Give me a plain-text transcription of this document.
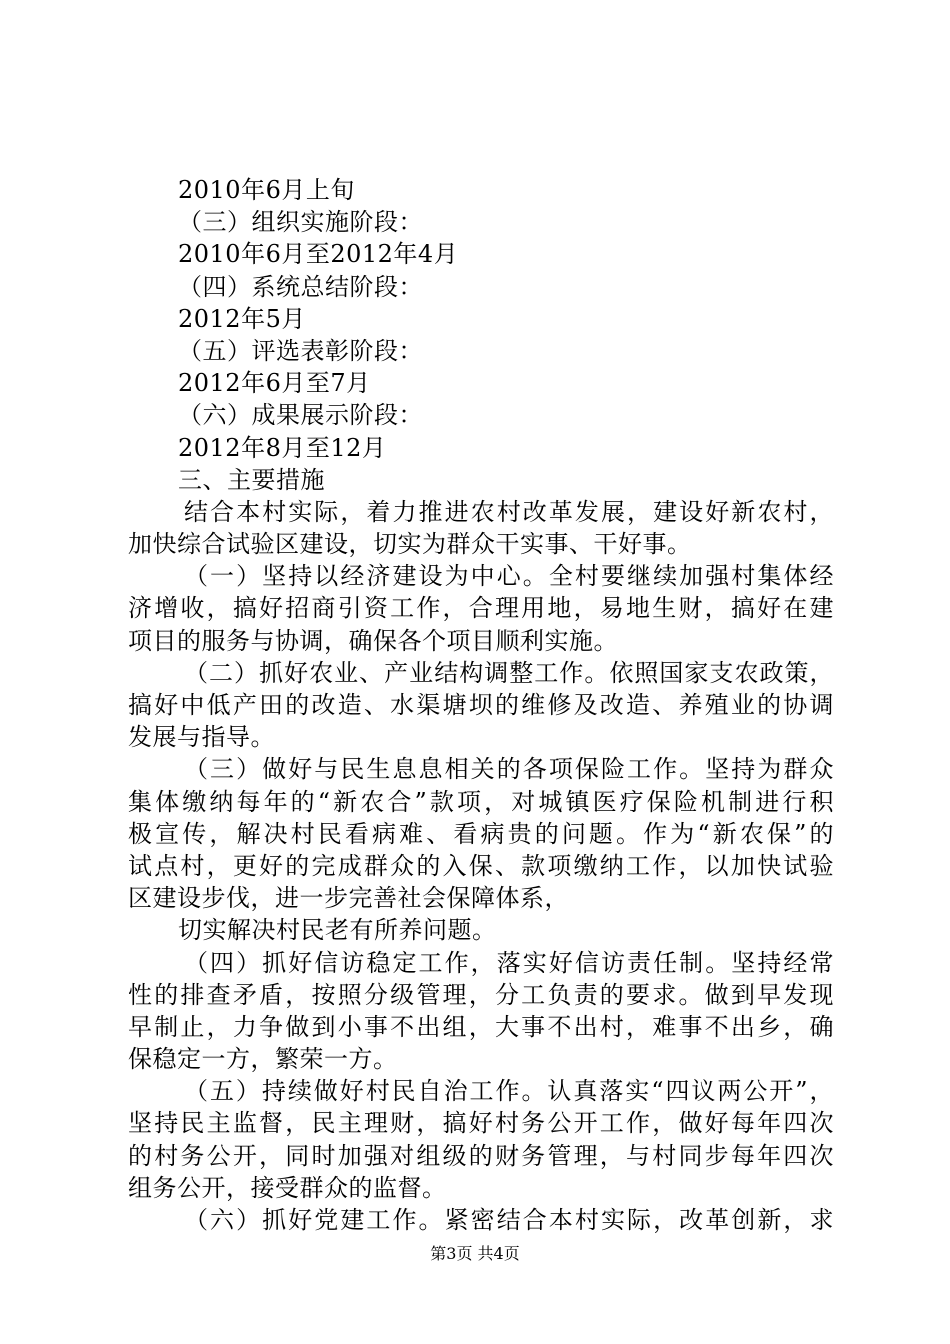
2010年6月上旬
（三）组织实施阶段：
2010年6月至2012年4月
（四）系统总结阶段：
2012年5月
（五）评选表彰阶段：
2012年6月至7月
（六）成果展示阶段：
2012年8月至12月
三、主要措施
结合本村实际，着力推进农村改革发展，建设好新农村，
加快综合试验区建设，切实为群众干实事、干好事。
（一）坚持以经济建设为中心。全村要继续加强村集体经
济增收，搞好招商引资工作，合理用地，易地生财，搞好在建
项目的服务与协调，确保各个项目顺利实施。
（二）抓好农业、产业结构调整工作。依照国家支农政策，
搞好中低产田的改造、水渠塘坝的维修及改造、养殖业的协调
发展与指导。
（三）做好与民生息息相关的各项保险工作。坚持为群众
集体缴纳每年的“新农合”款项，对城镇医疗保险机制进行积
极宣传，解决村民看病难、看病贵的问题。作为“新农保”的
试点村，更好的完成群众的入保、款项缴纳工作，以加快试验
区建设步伐，进一步完善社会保障体系，
切实解决村民老有所养问题。
（四）抓好信访稳定工作，落实好信访责任制。坚持经常
性的排查矛盾，按照分级管理，分工负责的要求。做到早发现
早制止，力争做到小事不出组，大事不出村，难事不出乡，确
保稳定一方，繁荣一方。
（五）持续做好村民自治工作。认真落实“四议两公开”，
坚持民主监督，民主理财，搞好村务公开工作，做好每年四次
的村务公开，同时加强对组级的财务管理，与村同步每年四次
组务公开，接受群众的监督。
（六）抓好党建工作。紧密结合本村实际，改革创新，求
第3页 共4页
